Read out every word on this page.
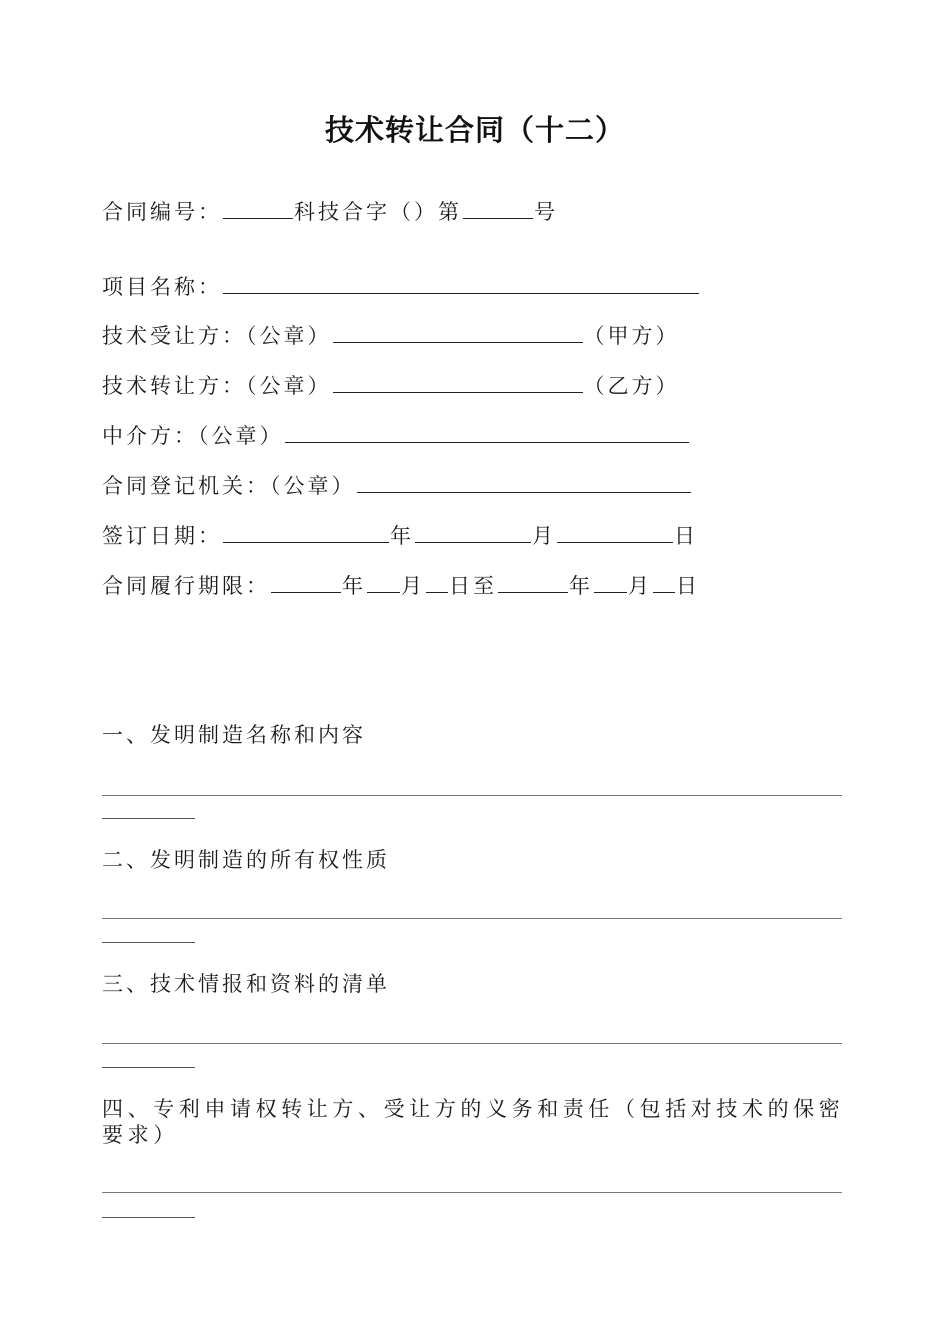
技术转让合同（十二）
合同编号：	科技合字（）第	号
项目名称：
技术受让方：（公章）	（甲方）
技术转让方：（公章）	（乙方）
中介方：（公章）
合同登记机关：（公章）
签订日期：	年	月	日
合同履行期限：	年 月 日至	年 月 日
一、发明制造名称和内容
二、发明制造的所有权性质
三、技术情报和资料的清单
四、专利申请权转让方、受让方的义务和责任（包括对技术的保密要求）
